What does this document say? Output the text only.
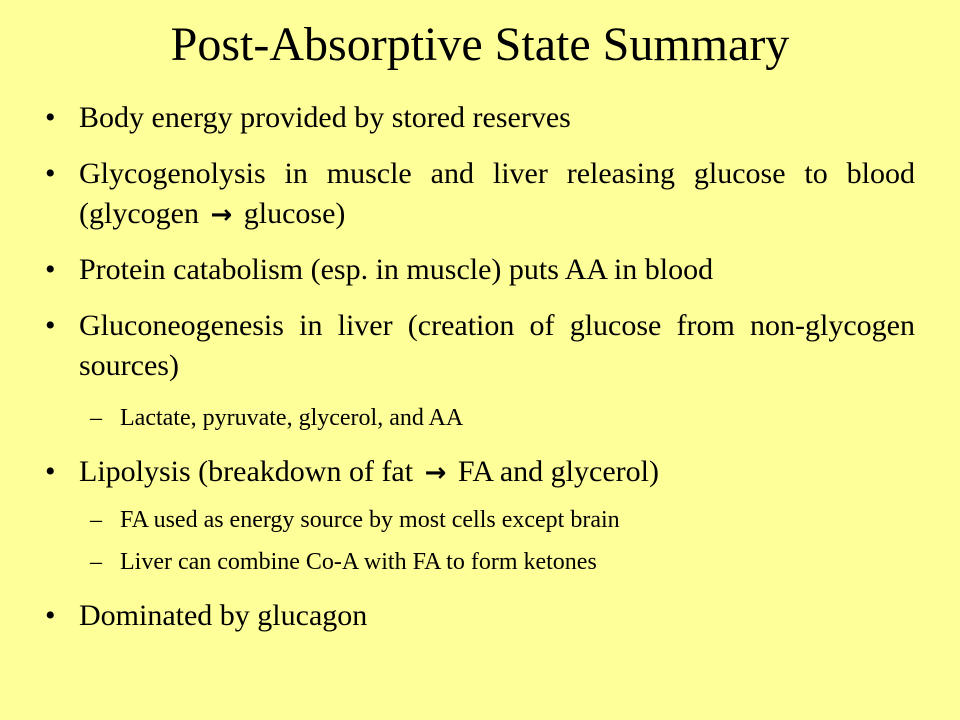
Post-Absorptive State Summary
• Body energy provided by stored reserves
• Glycogenolysis in muscle and liver releasing glucose to blood (glycogen → glucose)
• Protein catabolism (esp. in muscle) puts AA in blood
• Gluconeogenesis in liver (creation of glucose from non-glycogen sources)
– Lactate, pyruvate, glycerol, and AA
• Lipolysis (breakdown of fat → FA and glycerol)
– FA used as energy source by most cells except brain
– Liver can combine Co-A with FA to form ketones
• Dominated by glucagon
